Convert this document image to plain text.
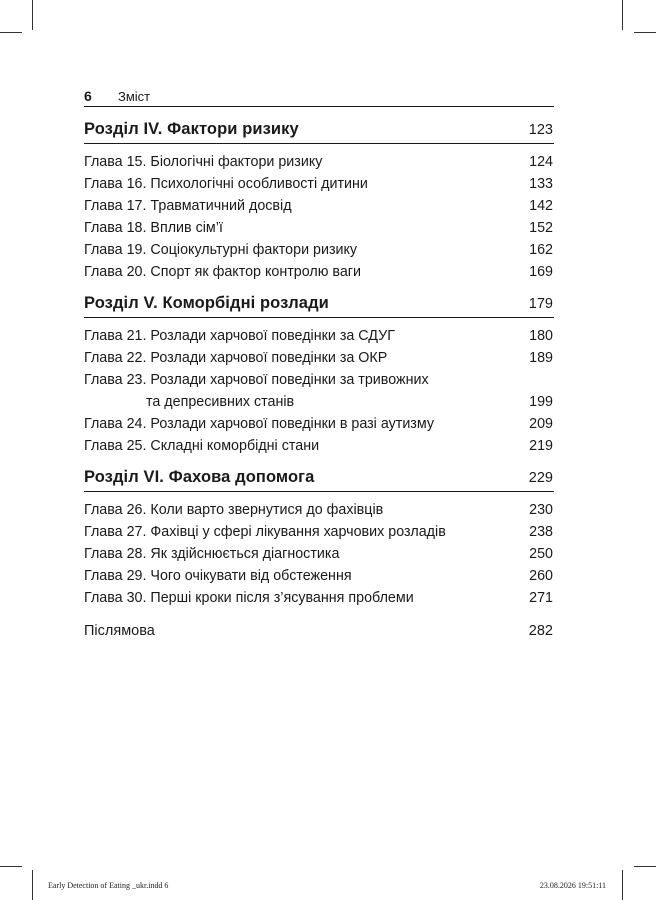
6 Зміст
Розділ IV. Фактори ризику	123
Глава 15. Біологічні фактори ризику	124
Глава 16. Психологічні особливості дитини	133
Глава 17. Травматичний досвід	142
Глава 18. Вплив сім’ї	152
Глава 19. Соціокультурні фактори ризику	162
Глава 20. Спорт як фактор контролю ваги	169
Розділ V. Коморбідні розлади	179
Глава 21. Розлади харчової поведінки за СДУГ	180
Глава 22. Розлади харчової поведінки за ОКР	189
Глава 23. Розлади харчової поведінки за тривожних
та депресивних станів	199
Глава 24. Розлади харчової поведінки в разі аутизму	209
Глава 25. Складні коморбідні стани	219
Розділ VI. Фахова допомога	229
Глава 26. Коли варто звернутися до фахівців	230
Глава 27. Фахівці у сфері лікування харчових розладів	238
Глава 28. Як здійснюється діагностика	250
Глава 29. Чого очікувати від обстеження	260
Глава 30. Перші кроки після з’ясування проблеми	271
Післямова	282
Early Detection of Eating _ukr.indd 6	23.08.2026 19:51:11
